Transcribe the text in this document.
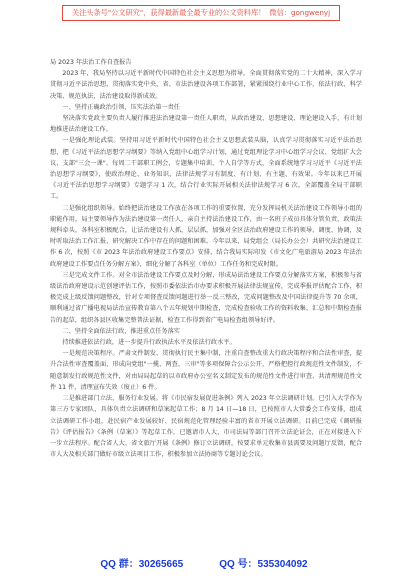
关注头条号"公文研究"，获得最新最全最专业的公文资料库！ 微信：gongwenyj

局 2023 年法治工作自查报告

2023 年，我局坚持以习近平新时代中国特色社会主义思想为指导，全面贯彻落实党的二十大精神，深入学习贯彻习近平法治思想，贯彻落实党中央、省、市法治建设各项工作部署，紧紧围绕行业中心工作，依法行政、科学决策、规范执法，法治建设取得新成效。

一、坚持正确政治引领，压实法治第一责任

坚决落实党政主要负责人履行推进法治建设第一责任人职责，从政治建设、思想建设、理论建设入手，有计划地推进法治建设工作。

一是强化理论武装。坚持用习近平新时代中国特色社会主义思想武装头脑，认真学习贯彻落实习近平法治思想，把《习近平法治思想学习纲要》等纳入党组中心组学习计划，通过党组理论学习中心组学习会议、党组扩大会议、支部"三会一课"、每周二干部职工例会、专题集中培训、个人自学等方式，全面系统地学习习近平《习近平法治思想学习纲要》，使政治理论、业务知识、法律法规学习有制度、有计划、有主题、有效果。今年以来已开展《习近平法治思想学习纲要》专题学习 1 次，结合行业实际开展相关法律法规学习 6 次，全部覆盖全局干部职工。

二是强化组织领导。始终把法治建设工作放在各项工作的重要位置，充分发挥局机关法治建设工作领导小组的职能作用，局主要领导作为法治建设第一责任人，亲自主持法治建设工作，由一名班子成员具体分管负责，政策法规科牵头，各科室积极配合，让法治建设有人抓，层层抓，加强对全区法治政府建设工作的领导、调度、协调，及时听取法治工作汇报，研究解决工作中存在的问题和困难。今年以来，局党组会（局长办公会）共研究法治建设工作 6 次，按照《市 2023 年法治政府建设工作要点》安排，结合我局实际印发《市文化广电旅游局 2023 年法治政府建设工作要点任务分解方案》，细化分解了各科室（单位）工作任务和完成时限。

三是完成文件工作。对全市法治建设工作要点及时分解，形成局法治建设工作要点分解落实方案，积极参与省级法治政府建设示范创建评估工作，按照市委依法治市办要求积极开展法律法规宣传，完成季报评估配合工作，积极完成上级反馈问题整改，针对专项督查反馈问题进行举一反三整改，完成问题整改及中国法律提升等 70 余项，顺利通过省广播电视局法治宣传教育第八个五年规划中期检查，完成检查验收工作的资料收集、汇总和中期检查报告的起草，组织各县区收集完整普法证据，检查工作得到省广电局检查组领导好评。

二、坚持全面依法行政，推进重点任务落实

持续推进依法行政，进一步提升行政执法水平及依法行政水平。

一是规范决策程序。严肃文件制发、贯彻执行民主集中制，注重自查整改重大行政决策程序和合法性审查，提升合法性审查覆盖面，形成向党组"一揽、两查、三审"等多项保障合公示公开，严格把控行政规范性文件制发，不随意制发行政规范性文件，对由局局起草的以市政府办公室名义制定发布的规范性文件进行审查、共清理规范性文件 11 件，清理宣布失效（废止）6 件。

二是推进部门立法，服务行业发展。将《市民宿发展促进条例》列入 2023 年立法调研计划。已引入大学作为第三方专家团队，具体负责立法调研和草案起草工作；8 月 14 日—18 日，已按照市人大常委会工作安排，组成立法调研工作小组，赴民宿产业发展较好、民宿规范化管理经验丰富的省市开展立法调研。目前已完成《调研报告》《评估报告》《条例（草案）》等起草工作，已邀请市人大、市司法局等部门召开立法论证会，正在对接进入下一步立法程序。配合省人大、省文旅厅开展《条例》修订立法调研，按要求单元收集市县需要及问题厅反馈，配合市人大及相关部门做好市级立法项目工作，积极参加立法协商等专题讨论会议。

QQ 群：30265665	QQ 号：535304092
